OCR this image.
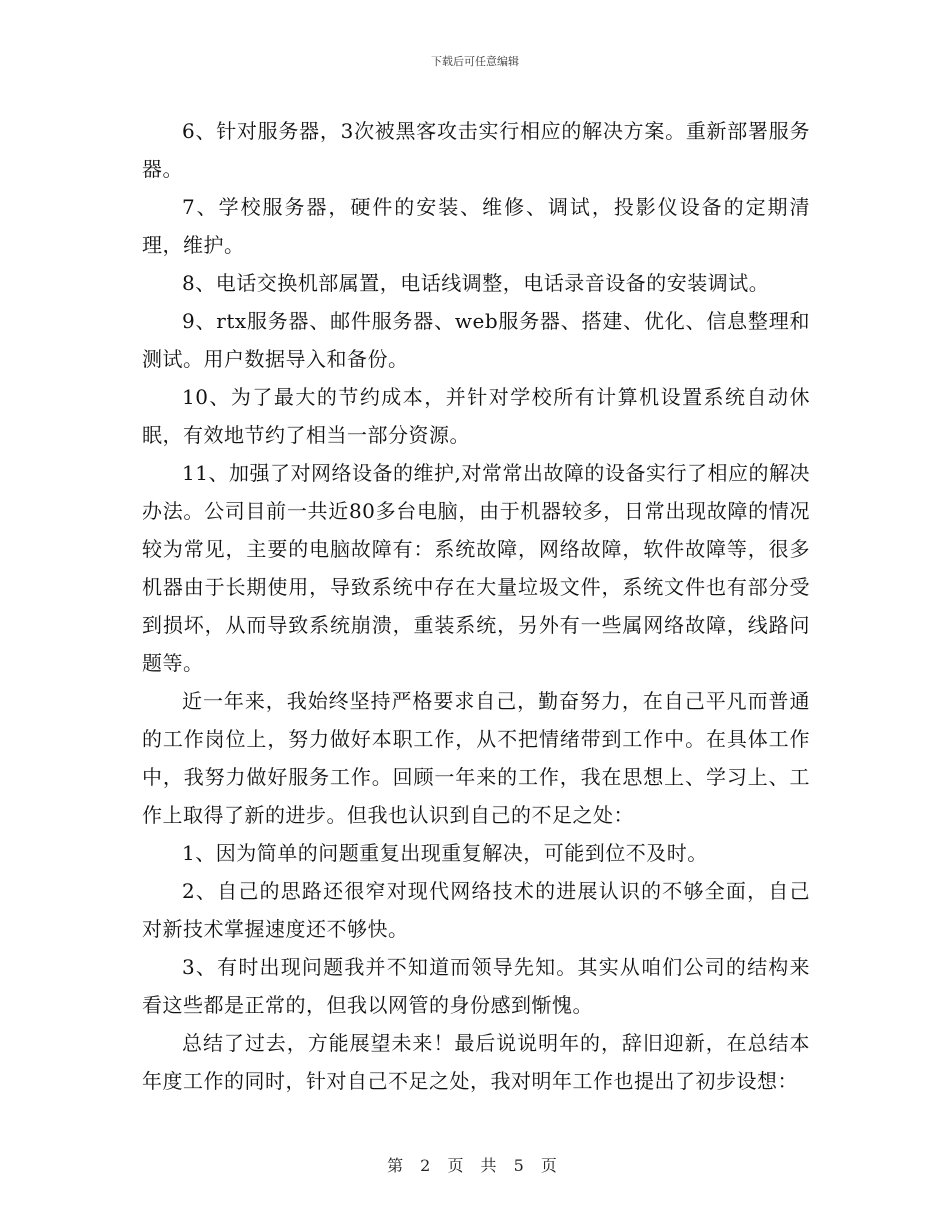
下载后可任意编辑

6、针对服务器，3次被黑客攻击实行相应的解决方案。重新部署服务器。

7、学校服务器，硬件的安装、维修、调试，投影仪设备的定期清理，维护。

8、电话交换机部属置，电话线调整，电话录音设备的安装调试。

9、rtx服务器、邮件服务器、web服务器、搭建、优化、信息整理和测试。用户数据导入和备份。

10、为了最大的节约成本，并针对学校所有计算机设置系统自动休眠，有效地节约了相当一部分资源。

11、加强了对网络设备的维护,对常常出故障的设备实行了相应的解决办法。公司目前一共近80多台电脑，由于机器较多，日常出现故障的情况较为常见，主要的电脑故障有：系统故障，网络故障，软件故障等，很多机器由于长期使用，导致系统中存在大量垃圾文件，系统文件也有部分受到损坏，从而导致系统崩溃，重装系统，另外有一些属网络故障，线路问题等。

近一年来，我始终坚持严格要求自己，勤奋努力，在自己平凡而普通的工作岗位上，努力做好本职工作，从不把情绪带到工作中。在具体工作中，我努力做好服务工作。回顾一年来的工作，我在思想上、学习上、工作上取得了新的进步。但我也认识到自己的不足之处：

1、因为简单的问题重复出现重复解决，可能到位不及时。

2、自己的思路还很窄对现代网络技术的进展认识的不够全面，自己对新技术掌握速度还不够快。

3、有时出现问题我并不知道而领导先知。其实从咱们公司的结构来看这些都是正常的，但我以网管的身份感到惭愧。

总结了过去，方能展望未来！最后说说明年的，辞旧迎新，在总结本年度工作的同时，针对自己不足之处，我对明年工作也提出了初步设想：

第 2 页 共 5 页
